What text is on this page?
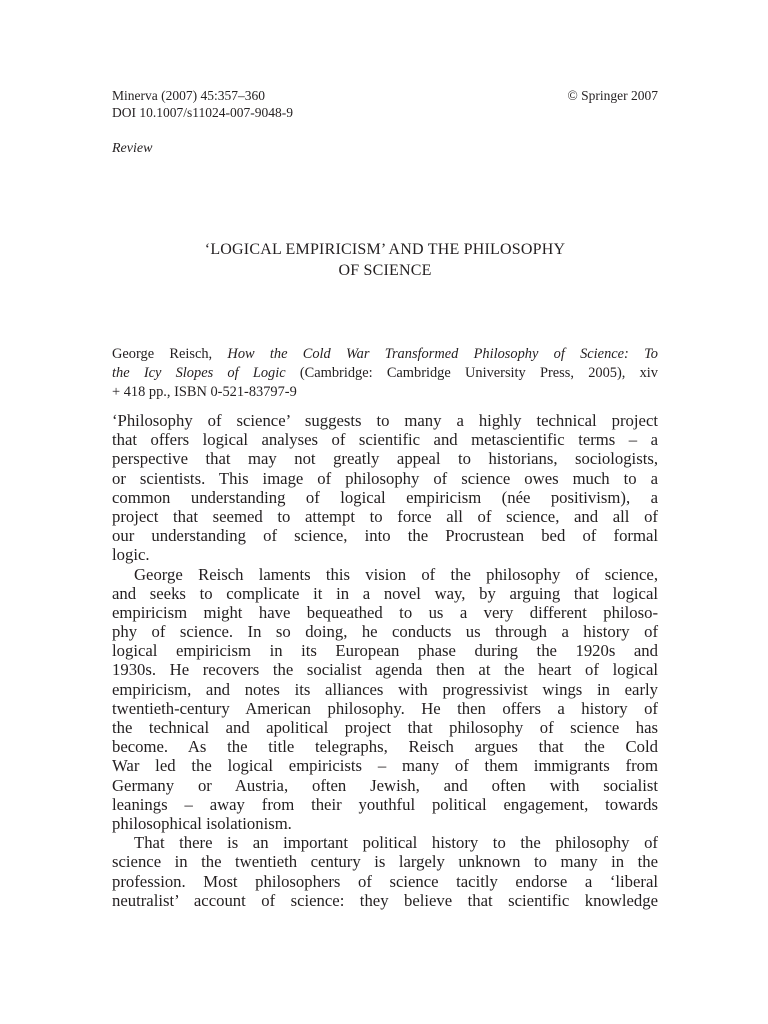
Minerva (2007) 45:357–360	© Springer 2007
DOI 10.1007/s11024-007-9048-9
Review
‘LOGICAL EMPIRICISM’ AND THE PHILOSOPHY
OF SCIENCE
George Reisch, How the Cold War Transformed Philosophy of Science: To
the Icy Slopes of Logic (Cambridge: Cambridge University Press, 2005), xiv
+ 418 pp., ISBN 0-521-83797-9
‘Philosophy of science’ suggests to many a highly technical project
that offers logical analyses of scientific and metascientific terms – a
perspective that may not greatly appeal to historians, sociologists,
or scientists. This image of philosophy of science owes much to a
common understanding of logical empiricism (née positivism), a
project that seemed to attempt to force all of science, and all of
our understanding of science, into the Procrustean bed of formal
logic.
George Reisch laments this vision of the philosophy of science,
and seeks to complicate it in a novel way, by arguing that logical
empiricism might have bequeathed to us a very different philoso-
phy of science. In so doing, he conducts us through a history of
logical empiricism in its European phase during the 1920s and
1930s. He recovers the socialist agenda then at the heart of logical
empiricism, and notes its alliances with progressivist wings in early
twentieth-century American philosophy. He then offers a history of
the technical and apolitical project that philosophy of science has
become. As the title telegraphs, Reisch argues that the Cold
War led the logical empiricists – many of them immigrants from
Germany or Austria, often Jewish, and often with socialist
leanings – away from their youthful political engagement, towards
philosophical isolationism.
That there is an important political history to the philosophy of
science in the twentieth century is largely unknown to many in the
profession. Most philosophers of science tacitly endorse a ‘liberal
neutralist’ account of science: they believe that scientific knowledge
